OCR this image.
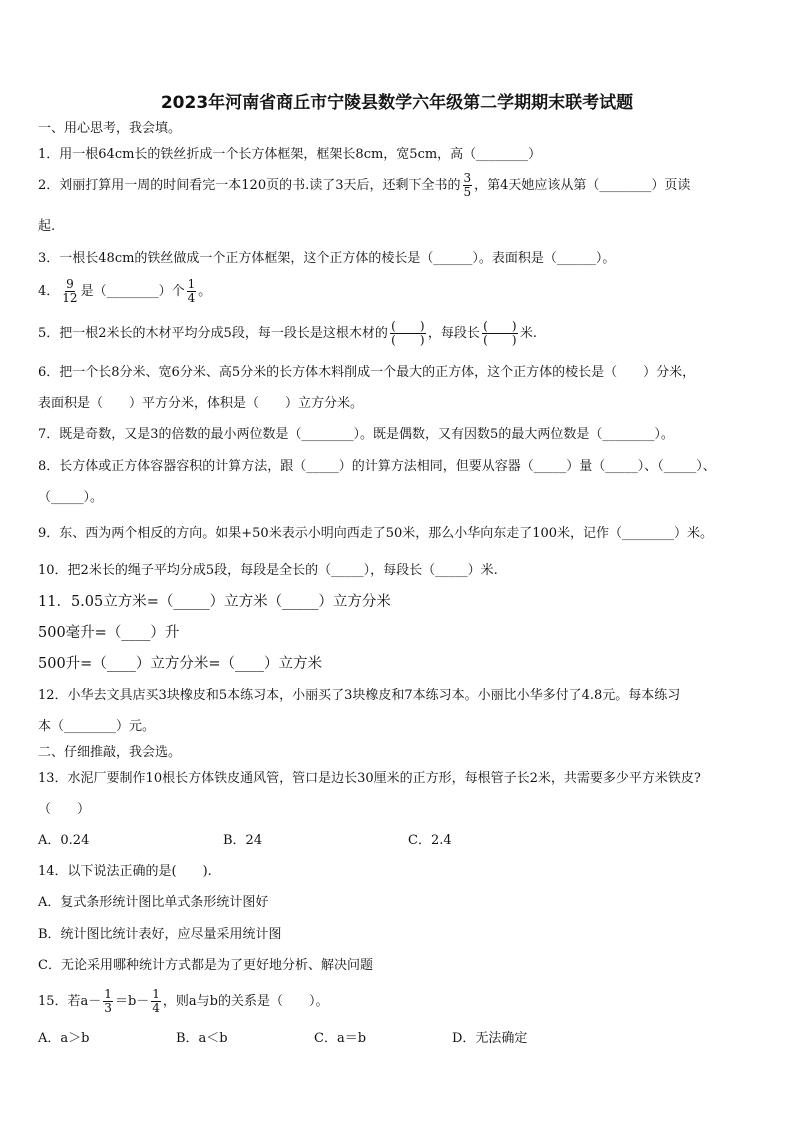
2023年河南省商丘市宁陵县数学六年级第二学期期末联考试题
一、用心思考，我会填。
1．用一根64cm长的铁丝折成一个长方体框架，框架长8cm，宽5cm，高（________）
2．刘丽打算用一周的时间看完一本120页的书.读了3天后，还剩下全书的 $\frac{3}{5}$ ，第4天她应该从第（________）页读
起.
3．一根长48cm的铁丝做成一个正方体框架，这个正方体的棱长是（______）。表面积是（______）。
4． $\frac{9}{12}$ 是（________）个 $\frac{1}{4}$ 。
5．把一根2米长的木材平均分成5段，每一段长是这根木材的 $\frac{( )}{( )}$ ，每段长 $\frac{( )}{( )}$ 米.
6．把一个长8分米、宽6分米、高5分米的长方体木料削成一个最大的正方体，这个正方体的棱长是（　　）分米，
表面积是（　　）平方分米，体积是（　　）立方分米。
7．既是奇数，又是3的倍数的最小两位数是（________）。既是偶数，又有因数5的最大两位数是（________）。
8．长方体或正方体容器容积的计算方法，跟（_____）的计算方法相同，但要从容器（_____）量（_____）、（_____）、
（_____）。
9．东、西为两个相反的方向。如果+50米表示小明向西走了50米，那么小华向东走了100米，记作（________）米。
10．把2米长的绳子平均分成5段，每段是全长的（_____），每段长（_____）米.
11．5.05立方米=（_____）立方米（_____）立方分米
500毫升=（____）升
500升=（____）立方分米=（____）立方米
12．小华去文具店买3块橡皮和5本练习本，小丽买了3块橡皮和7本练习本。小丽比小华多付了4.8元。每本练习
本（________）元。
二、仔细推敲，我会选。
13．水泥厂要制作10根长方体铁皮通风管，管口是边长30厘米的正方形，每根管子长2米，共需要多少平方米铁皮?
（　　）
A．0.24	B．24	C．2.4
14．以下说法正确的是(　　).
A．复式条形统计图比单式条形统计图好
B．统计图比统计表好，应尽量采用统计图
C．无论采用哪种统计方式都是为了更好地分析、解决问题
15．若$a- \frac{1}{3} =b- \frac{1}{4}$ ，则a与b的关系是（　　）。
A．a＞b	B．a＜b	C．a＝b	D．无法确定
